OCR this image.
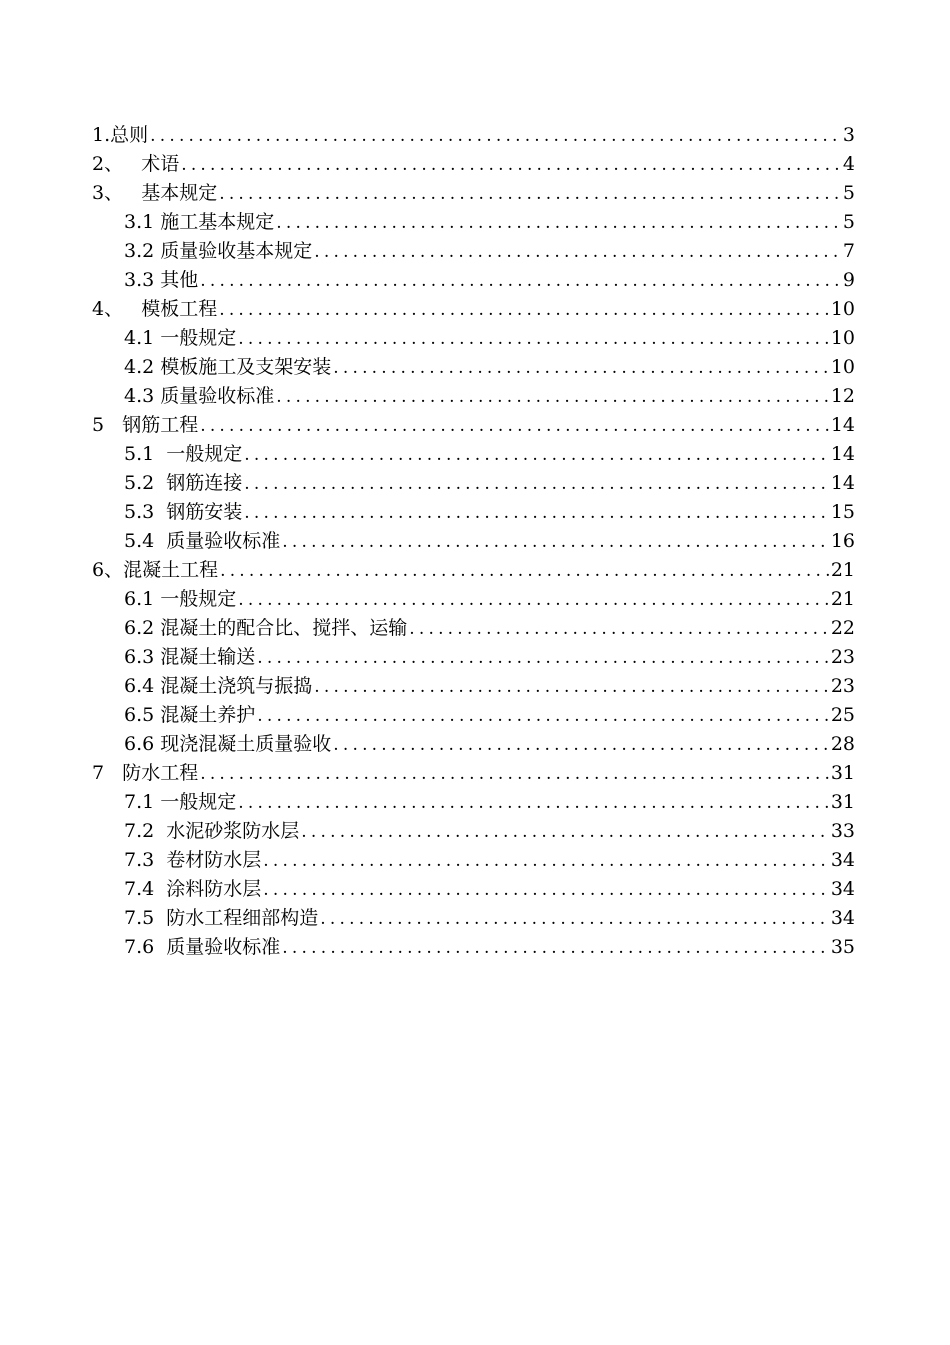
1.总则 .....	3
2、   术语 .....	4
3、   基本规定 .....	5
3.1 施工基本规定 .....	5
3.2 质量验收基本规定 .....	7
3.3 其他 .....	9
4、   模板工程 .....	10
4.1 一般规定 .....	10
4.2 模板施工及支架安装 .....	10
4.3 质量验收标准 .....	12
5   钢筋工程 .....	14
5.1  一般规定 .....	14
5.2  钢筋连接 .....	14
5.3  钢筋安装 .....	15
5.4  质量验收标准 .....	16
6、混凝土工程 .....	21
6.1 一般规定 .....	21
6.2 混凝土的配合比、搅拌、运输 .....	22
6.3 混凝土输送 .....	23
6.4 混凝土浇筑与振捣 .....	23
6.5 混凝土养护 .....	25
6.6 现浇混凝土质量验收 .....	28
7   防水工程 .....	31
7.1 一般规定 .....	31
7.2  水泥砂浆防水层 .....	33
7.3  卷材防水层 .....	34
7.4  涂料防水层 .....	34
7.5  防水工程细部构造 .....	34
7.6  质量验收标准 .....	35
